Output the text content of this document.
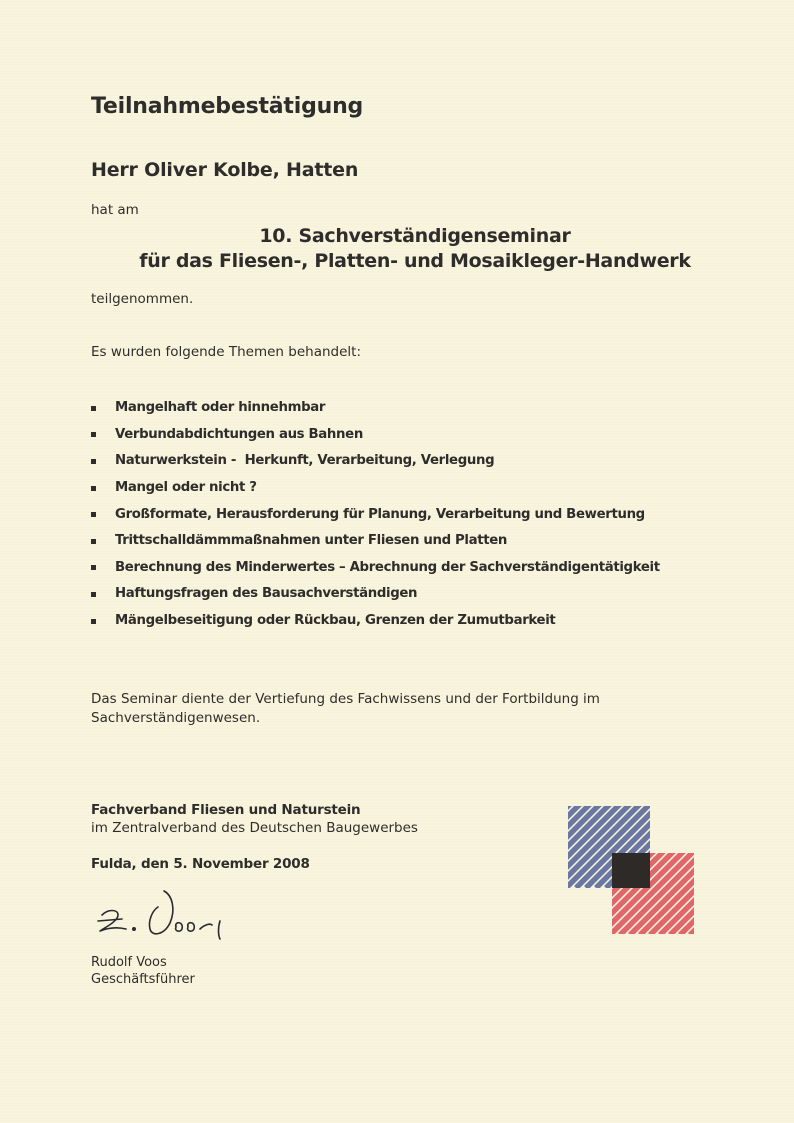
Teilnahmebestätigung
Herr Oliver Kolbe, Hatten
hat am
10. Sachverständigenseminar
für das Fliesen-, Platten- und Mosaikleger-Handwerk
teilgenommen.
Es wurden folgende Themen behandelt:
Mangelhaft oder hinnehmbar
Verbundabdichtungen aus Bahnen
Naturwerkstein -  Herkunft, Verarbeitung, Verlegung
Mangel oder nicht ?
Großformate, Herausforderung für Planung, Verarbeitung und Bewertung
Trittschalldämmmaßnahmen unter Fliesen und Platten
Berechnung des Minderwertes – Abrechnung der Sachverständigentätigkeit
Haftungsfragen des Bausachverständigen
Mängelbeseitigung oder Rückbau, Grenzen der Zumutbarkeit
Das Seminar diente der Vertiefung des Fachwissens und der Fortbildung im Sachverständigenwesen.
Fachverband Fliesen und Naturstein
im Zentralverband des Deutschen Baugewerbes
Fulda, den 5. November 2008
Rudolf Voos
Geschäftsführer
